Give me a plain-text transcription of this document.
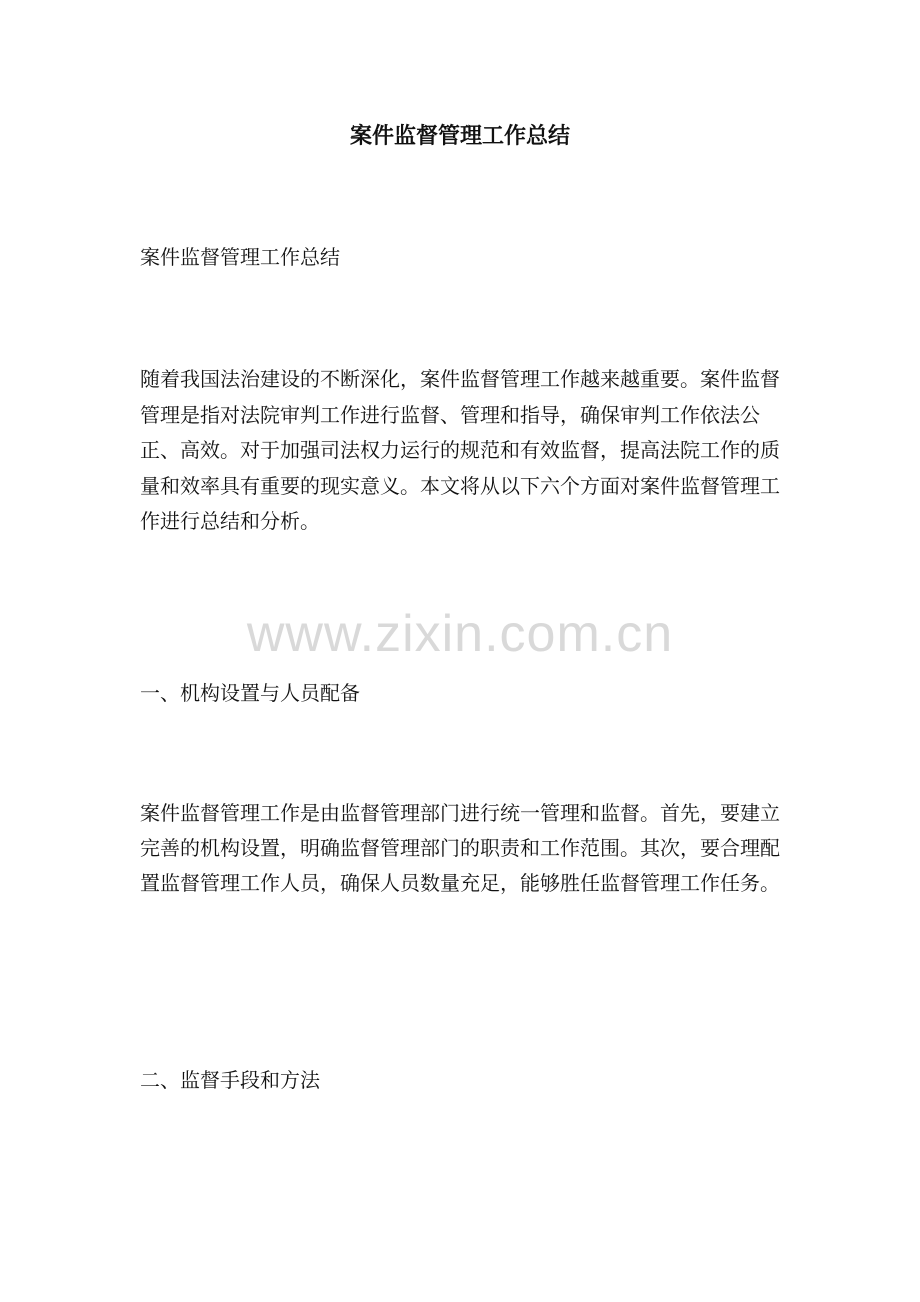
案件监督管理工作总结

案件监督管理工作总结

随着我国法治建设的不断深化，案件监督管理工作越来越重要。案件监督管理是指对法院审判工作进行监督、管理和指导，确保审判工作依法公正、高效。对于加强司法权力运行的规范和有效监督，提高法院工作的质量和效率具有重要的现实意义。本文将从以下六个方面对案件监督管理工作进行总结和分析。

www.zixin.com.cn

一、机构设置与人员配备

案件监督管理工作是由监督管理部门进行统一管理和监督。首先，要建立完善的机构设置，明确监督管理部门的职责和工作范围。其次，要合理配置监督管理工作人员，确保人员数量充足，能够胜任监督管理工作任务。

二、监督手段和方法
